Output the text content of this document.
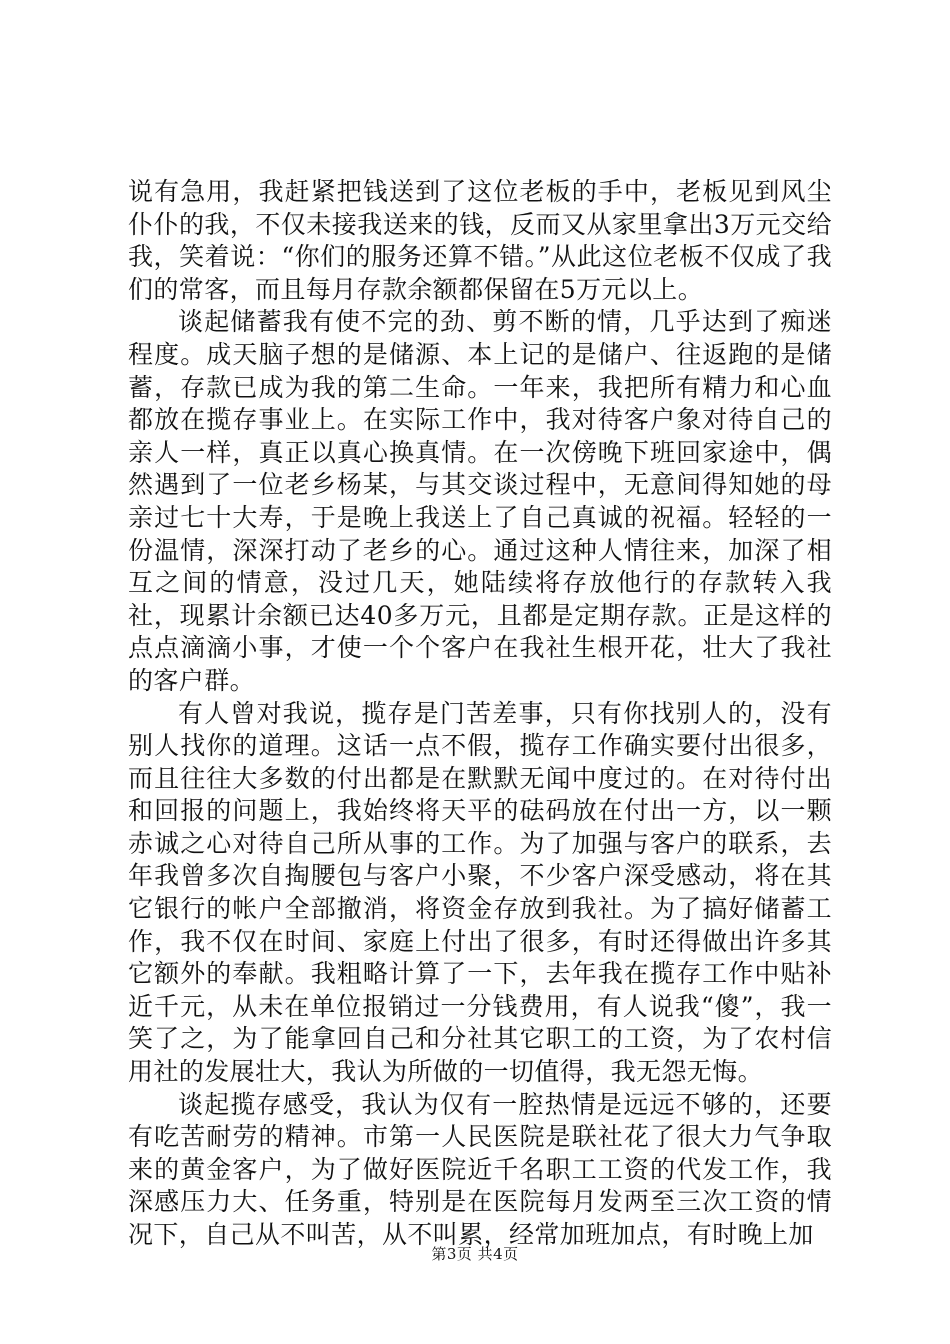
说有急用，我赶紧把钱送到了这位老板的手中，老板见到风尘仆仆的我，不仅未接我送来的钱，反而又从家里拿出3万元交给我，笑着说：“你们的服务还算不错。”从此这位老板不仅成了我们的常客，而且每月存款余额都保留在5万元以上。

谈起储蓄我有使不完的劲、剪不断的情，几乎达到了痴迷程度。成天脑子想的是储源、本上记的是储户、往返跑的是储蓄，存款已成为我的第二生命。一年来，我把所有精力和心血都放在揽存事业上。在实际工作中，我对待客户象对待自己的亲人一样，真正以真心换真情。在一次傍晚下班回家途中，偶然遇到了一位老乡杨某，与其交谈过程中，无意间得知她的母亲过七十大寿，于是晚上我送上了自己真诚的祝福。轻轻的一份温情，深深打动了老乡的心。通过这种人情往来，加深了相互之间的情意，没过几天，她陆续将存放他行的存款转入我社，现累计余额已达40多万元，且都是定期存款。正是这样的点点滴滴小事，才使一个个客户在我社生根开花，壮大了我社的客户群。

有人曾对我说，揽存是门苦差事，只有你找别人的，没有别人找你的道理。这话一点不假，揽存工作确实要付出很多，而且往往大多数的付出都是在默默无闻中度过的。在对待付出和回报的问题上，我始终将天平的砝码放在付出一方，以一颗赤诚之心对待自己所从事的工作。为了加强与客户的联系，去年我曾多次自掏腰包与客户小聚，不少客户深受感动，将在其它银行的帐户全部撤消，将资金存放到我社。为了搞好储蓄工作，我不仅在时间、家庭上付出了很多，有时还得做出许多其它额外的奉献。我粗略计算了一下，去年我在揽存工作中贴补近千元，从未在单位报销过一分钱费用，有人说我“傻”，我一笑了之，为了能拿回自己和分社其它职工的工资，为了农村信用社的发展壮大，我认为所做的一切值得，我无怨无悔。

谈起揽存感受，我认为仅有一腔热情是远远不够的，还要有吃苦耐劳的精神。市第一人民医院是联社花了很大力气争取来的黄金客户，为了做好医院近千名职工工资的代发工作，我深感压力大、任务重，特别是在医院每月发两至三次工资的情况下，自己从不叫苦，从不叫累，经常加班加点，有时晚上加

第3页 共4页
